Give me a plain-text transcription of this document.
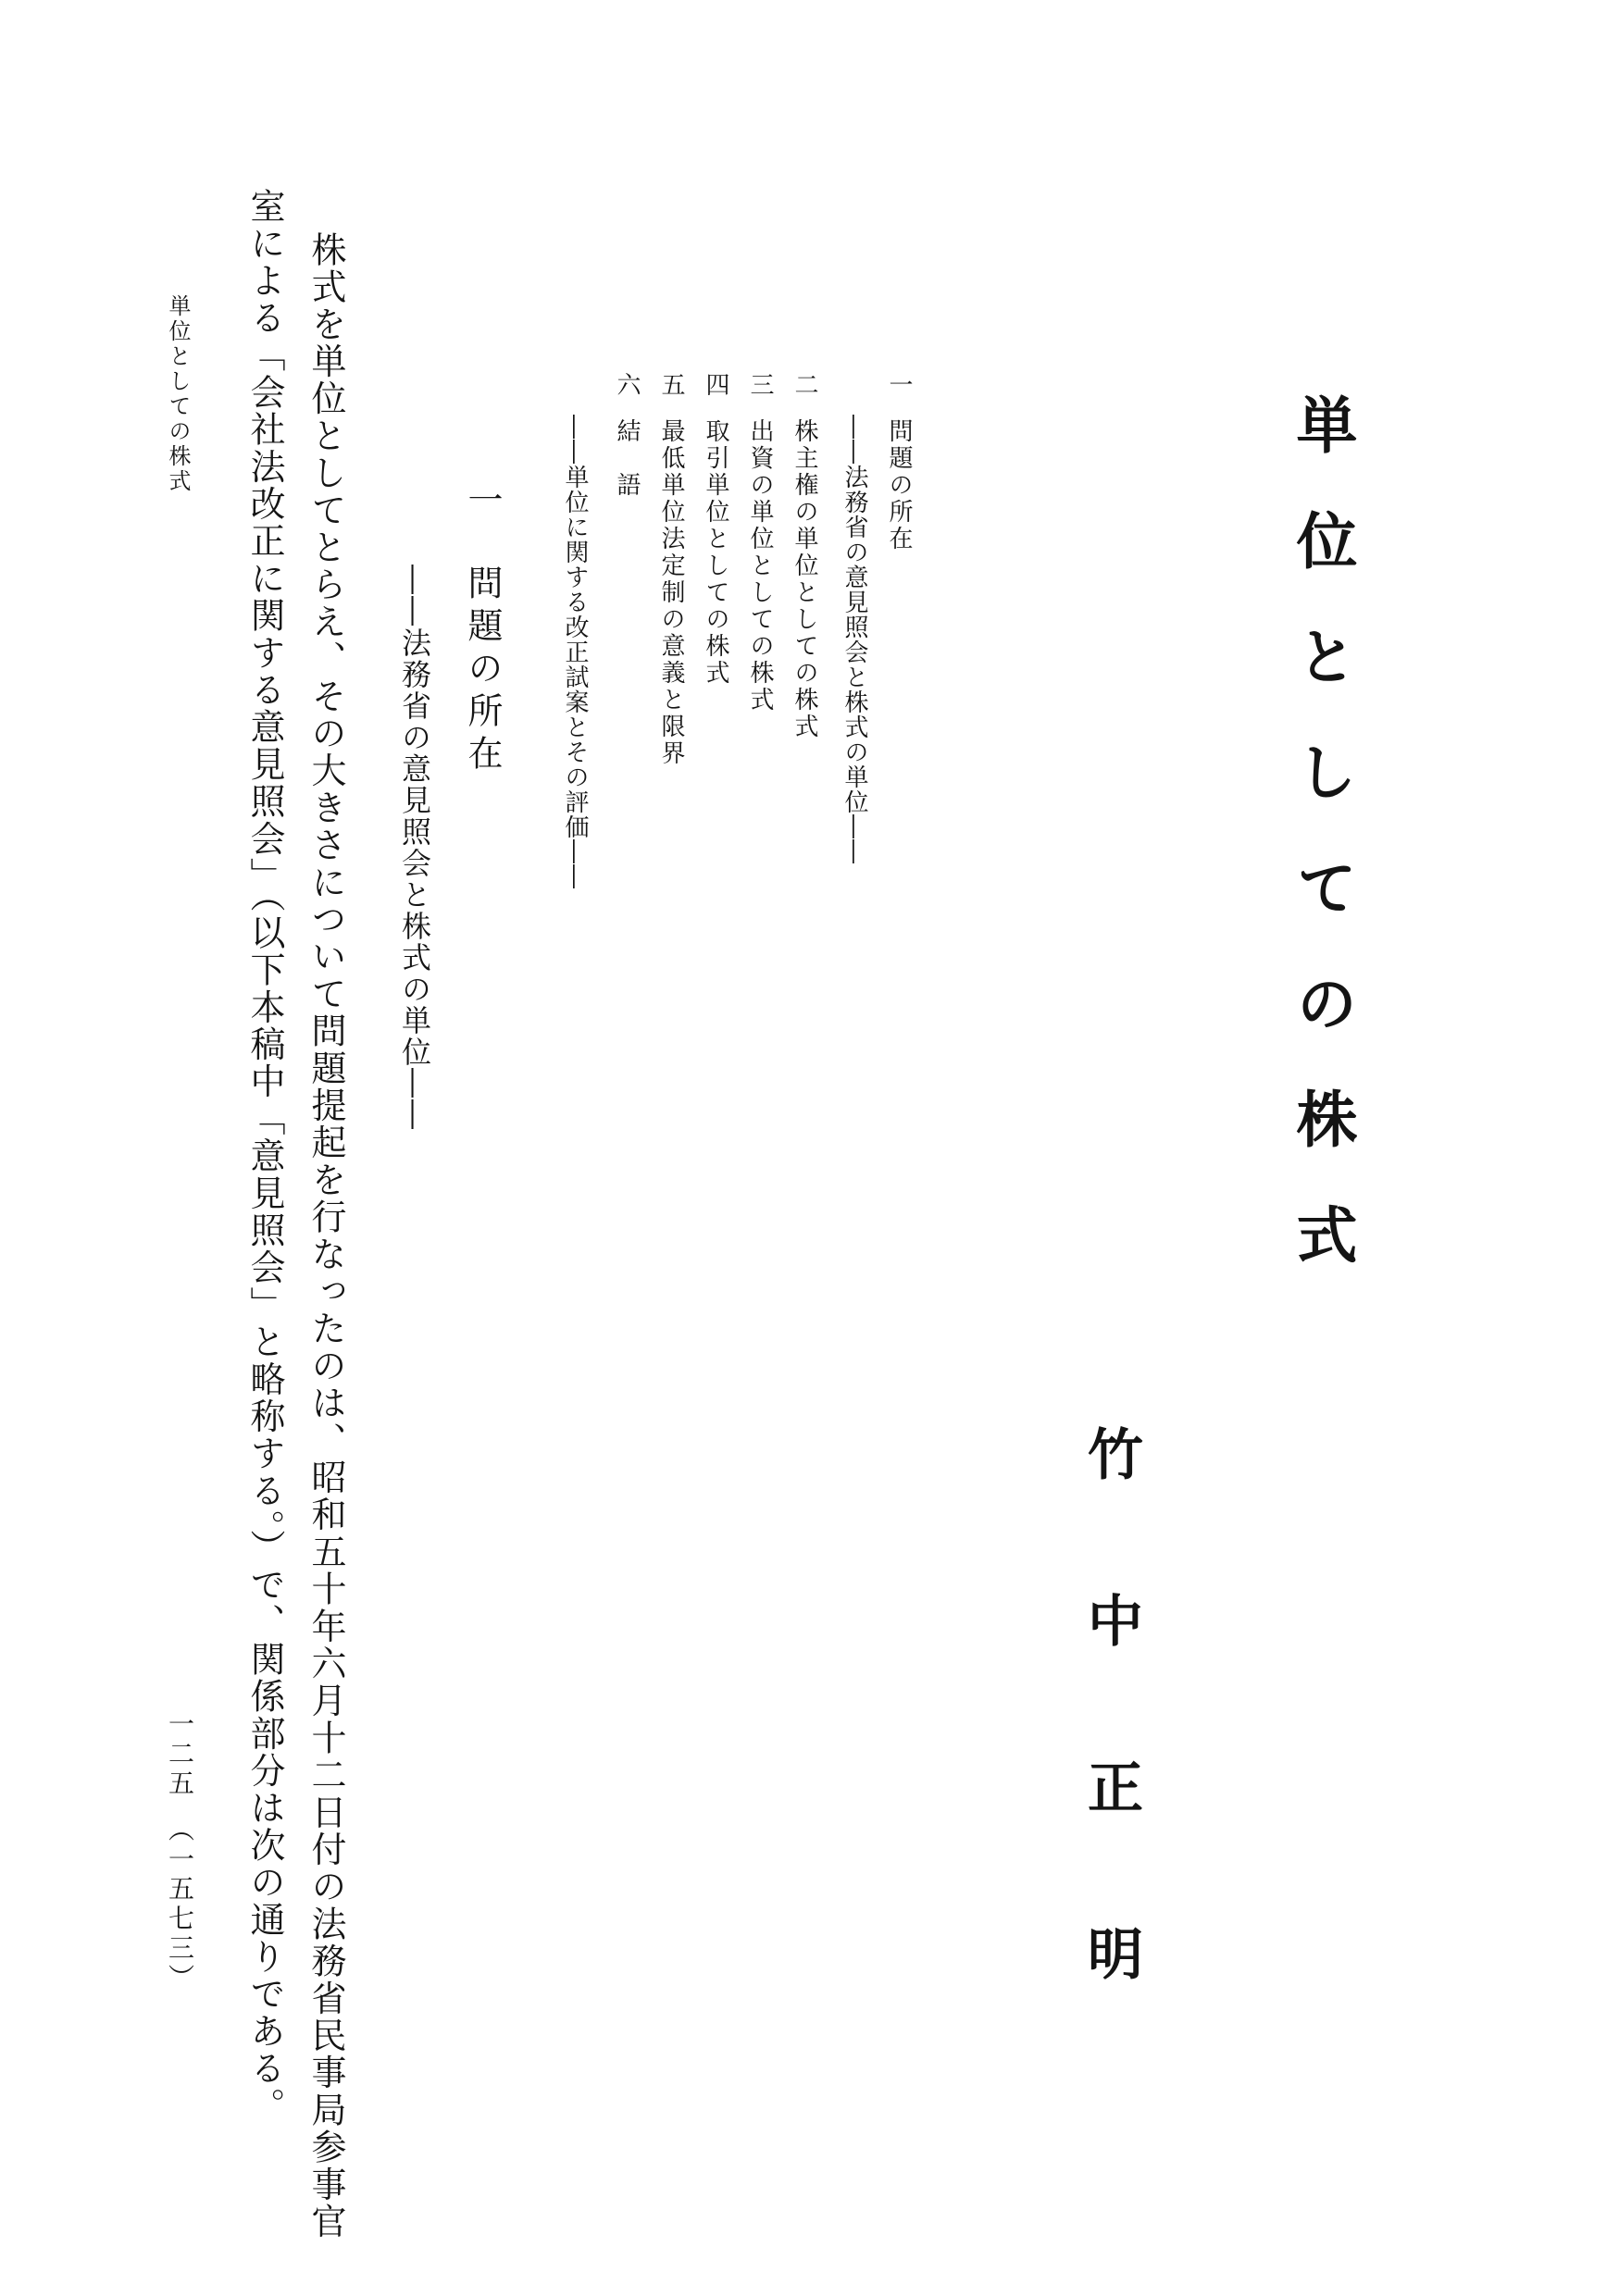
単位としての株式
竹中正明
一問題の所在
――法務省の意見照会と株式の単位――
二株主権の単位としての株式
三出資の単位としての株式
四取引単位としての株式
五最低単位法定制の意義と限界
六結　語
――単位に関する改正試案とその評価――
一問題の所在
――法務省の意見照会と株式の単位――
株式を単位としてとらえ、その大きさについて問題提起を行なったのは、昭和五十年六月十二日付の法務省民事局参事官
室による「会社法改正に関する意見照会」（以下本稿中「意見照会」と略称する。）で、関係部分は次の通りである。
単位としての株式
一二五　（一五七三）
